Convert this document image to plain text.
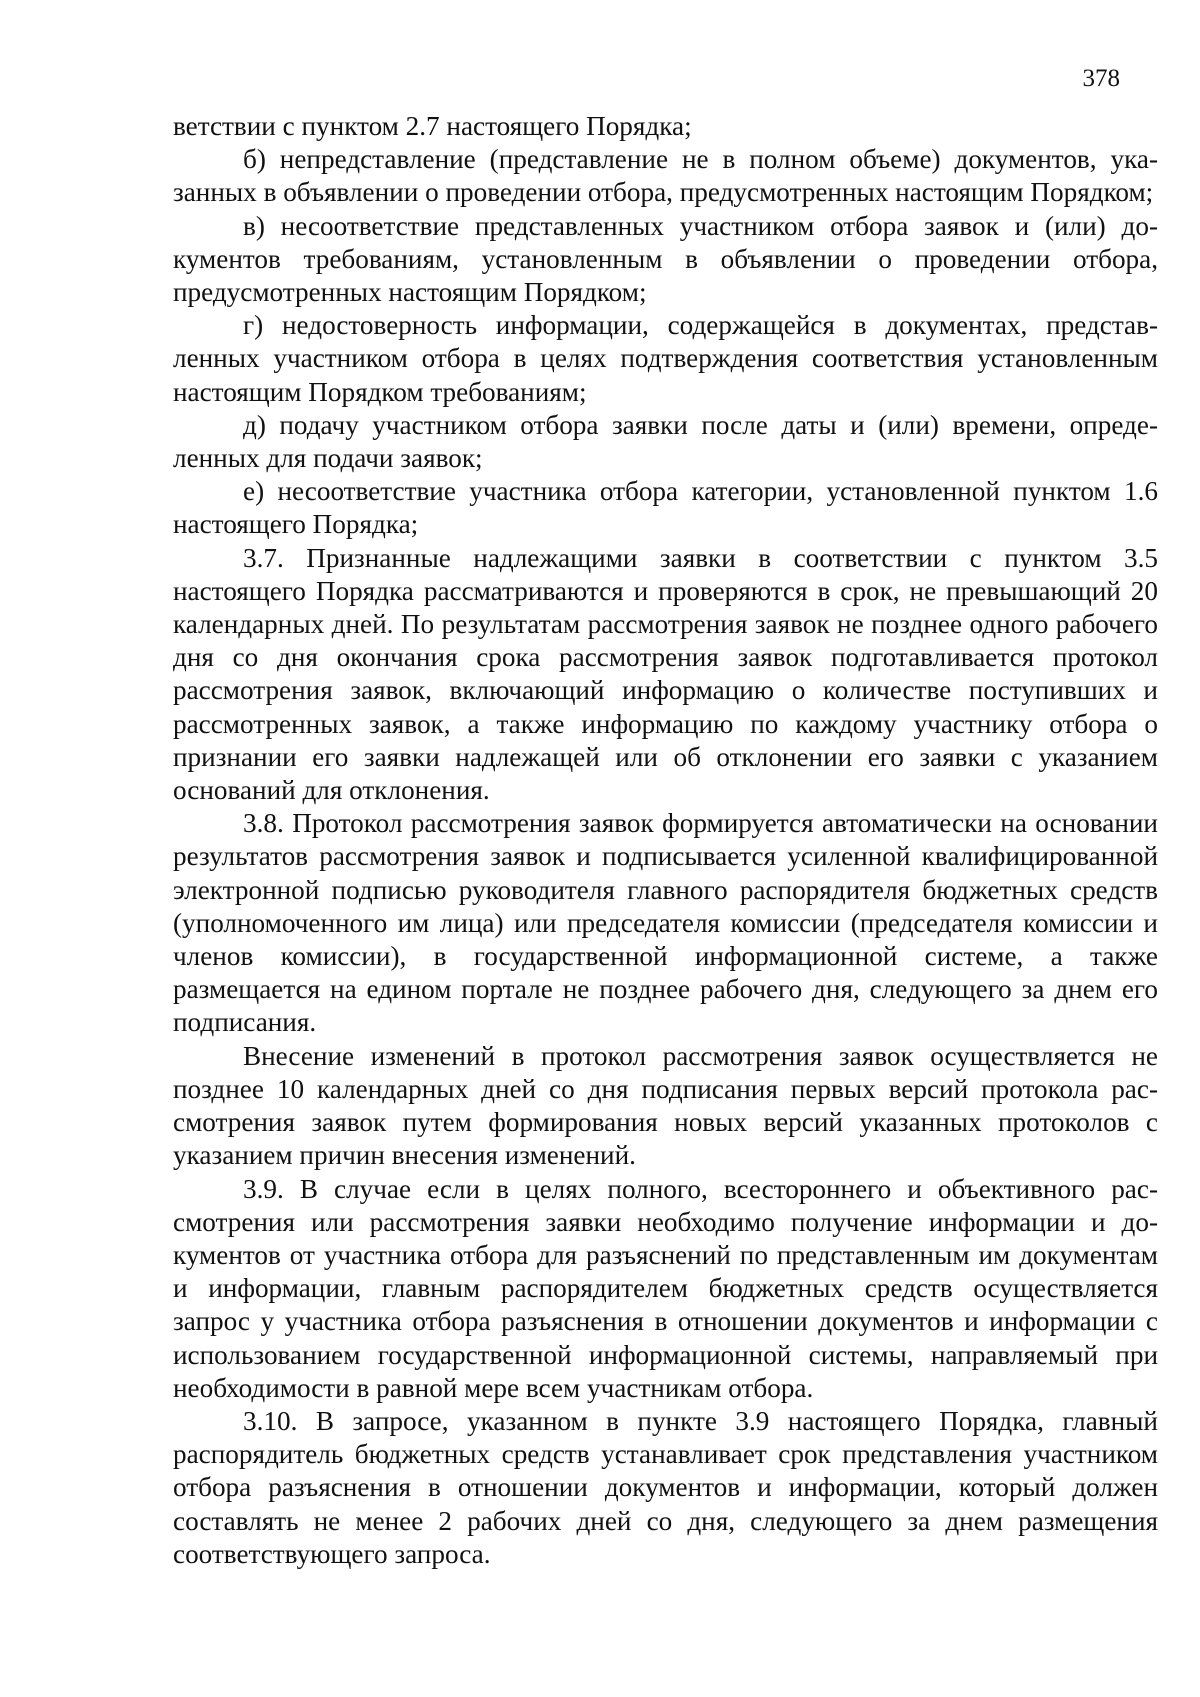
378

ветствии с пунктом 2.7 настоящего Порядка;

б) непредставление (представление не в полном объеме) документов, указанных в объявлении о проведении отбора, предусмотренных настоящим Порядком;

в) несоответствие представленных участником отбора заявок и (или) документов требованиям, установленным в объявлении о проведении отбора, предусмотренных настоящим Порядком;

г) недостоверность информации, содержащейся в документах, представленных участником отбора в целях подтверждения соответствия установленным настоящим Порядком требованиям;

д) подачу участником отбора заявки после даты и (или) времени, определенных для подачи заявок;

е) несоответствие участника отбора категории, установленной пунктом 1.6 настоящего Порядка;

3.7. Признанные надлежащими заявки в соответствии с пунктом 3.5 настоящего Порядка рассматриваются и проверяются в срок, не превышающий 20 календарных дней. По результатам рассмотрения заявок не позднее одного рабочего дня со дня окончания срока рассмотрения заявок подготавливается протокол рассмотрения заявок, включающий информацию о количестве поступивших и рассмотренных заявок, а также информацию по каждому участнику отбора о признании его заявки надлежащей или об отклонении его заявки с указанием оснований для отклонения.

3.8. Протокол рассмотрения заявок формируется автоматически на основании результатов рассмотрения заявок и подписывается усиленной квалифицированной электронной подписью руководителя главного распорядителя бюджетных средств (уполномоченного им лица) или председателя комиссии (председателя комиссии и членов комиссии), в государственной информационной системе, а также размещается на едином портале не позднее рабочего дня, следующего за днем его подписания.

Внесение изменений в протокол рассмотрения заявок осуществляется не позднее 10 календарных дней со дня подписания первых версий протокола рассмотрения заявок путем формирования новых версий указанных протоколов с указанием причин внесения изменений.

3.9. В случае если в целях полного, всестороннего и объективного рассмотрения или рассмотрения заявки необходимо получение информации и документов от участника отбора для разъяснений по представленным им документам и информации, главным распорядителем бюджетных средств осуществляется запрос у участника отбора разъяснения в отношении документов и информации с использованием государственной информационной системы, направляемый при необходимости в равной мере всем участникам отбора.

3.10. В запросе, указанном в пункте 3.9 настоящего Порядка, главный распорядитель бюджетных средств устанавливает срок представления участником отбора разъяснения в отношении документов и информации, который должен составлять не менее 2 рабочих дней со дня, следующего за днем размещения соответствующего запроса.
